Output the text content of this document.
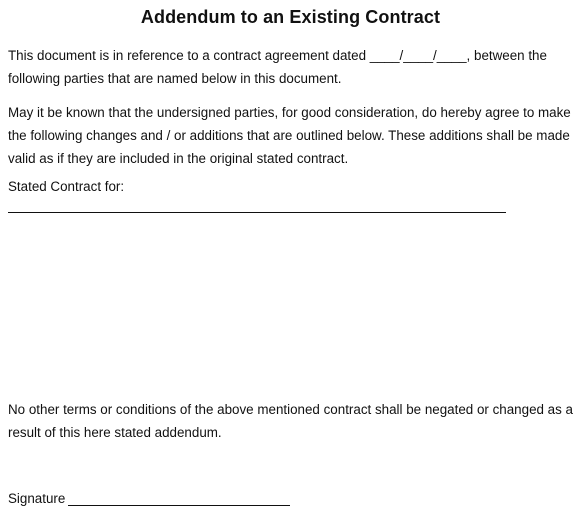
Addendum to an Existing Contract
This document is in reference to a contract agreement dated ____/____/____, between the following parties that are named below in this document.
May it be known that the undersigned parties, for good consideration, do hereby agree to make the following changes and / or additions that are outlined below. These additions shall be made valid as if they are included in the original stated contract.
Stated Contract for:
No other terms or conditions of the above mentioned contract shall be negated or changed as a result of this here stated addendum.
Signature
